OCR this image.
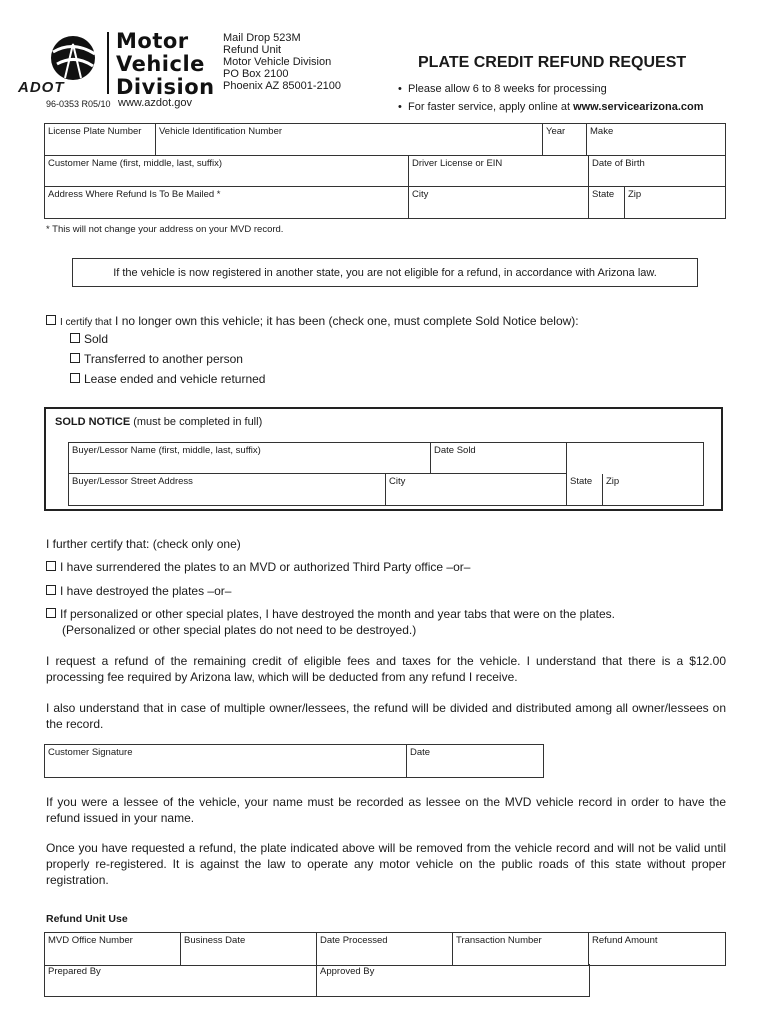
ADOT
Motor
Vehicle
Division
96-0353 R05/10 www.azdot.gov
Mail Drop 523M
Refund Unit
Motor Vehicle Division
PO Box 2100
Phoenix AZ 85001-2100
PLATE CREDIT REFUND REQUEST
• Please allow 6 to 8 weeks for processing
• For faster service, apply online at www.servicearizona.com
License Plate Number	Vehicle Identification Number	Year	Make
Customer Name (first, middle, last, suffix)	Driver License or EIN	Date of Birth
Address Where Refund Is To Be Mailed *	City	State	Zip
* This will not change your address on your MVD record.
If the vehicle is now registered in another state, you are not eligible for a refund, in accordance with Arizona law.
I certify that I no longer own this vehicle; it has been (check one, must complete Sold Notice below):
Sold
Transferred to another person
Lease ended and vehicle returned
SOLD NOTICE (must be completed in full)
Buyer/Lessor Name (first, middle, last, suffix)	Date Sold
Buyer/Lessor Street Address	City	State	Zip
I further certify that: (check only one)
I have surrendered the plates to an MVD or authorized Third Party office –or–
I have destroyed the plates –or–
If personalized or other special plates, I have destroyed the month and year tabs that were on the plates.
(Personalized or other special plates do not need to be destroyed.)
I request a refund of the remaining credit of eligible fees and taxes for the vehicle. I understand that there is a $12.00 processing fee required by Arizona law, which will be deducted from any refund I receive.
I also understand that in case of multiple owner/lessees, the refund will be divided and distributed among all owner/lessees on the record.
Customer Signature	Date
If you were a lessee of the vehicle, your name must be recorded as lessee on the MVD vehicle record in order to have the refund issued in your name.
Once you have requested a refund, the plate indicated above will be removed from the vehicle record and will not be valid until properly re-registered. It is against the law to operate any motor vehicle on the public roads of this state without proper registration.
Refund Unit Use
MVD Office Number	Business Date	Date Processed	Transaction Number	Refund Amount
Prepared By	Approved By
